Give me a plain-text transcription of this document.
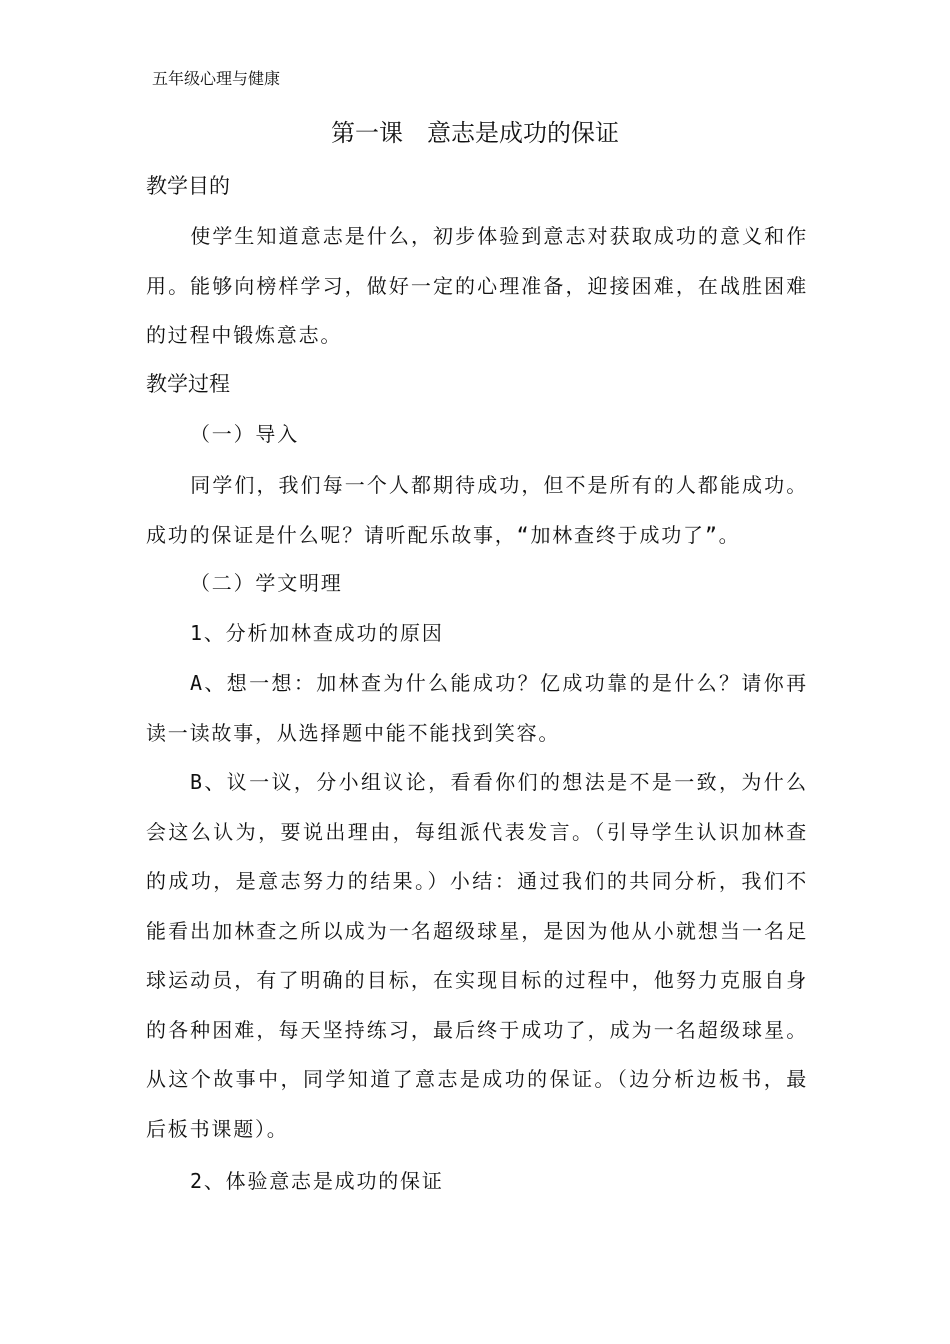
五年级心理与健康
第一课　意志是成功的保证
教学目的
使学生知道意志是什么，初步体验到意志对获取成功的意义和作用。能够向榜样学习，做好一定的心理准备，迎接困难，在战胜困难的过程中锻炼意志。
教学过程
（一）导入
同学们，我们每一个人都期待成功，但不是所有的人都能成功。成功的保证是什么呢？请听配乐故事，“加林查终于成功了”。
（二）学文明理
1、分析加林查成功的原因
A、想一想：加林查为什么能成功？亿成功靠的是什么？请你再读一读故事，从选择题中能不能找到笑容。
B、议一议，分小组议论，看看你们的想法是不是一致，为什么会这么认为，要说出理由，每组派代表发言。（引导学生认识加林查的成功，是意志努力的结果。）小结：通过我们的共同分析，我们不能看出加林查之所以成为一名超级球星，是因为他从小就想当一名足球运动员，有了明确的目标，在实现目标的过程中，他努力克服自身的各种困难，每天坚持练习，最后终于成功了，成为一名超级球星。从这个故事中，同学知道了意志是成功的保证。（边分析边板书，最后板书课题）。
2、体验意志是成功的保证
